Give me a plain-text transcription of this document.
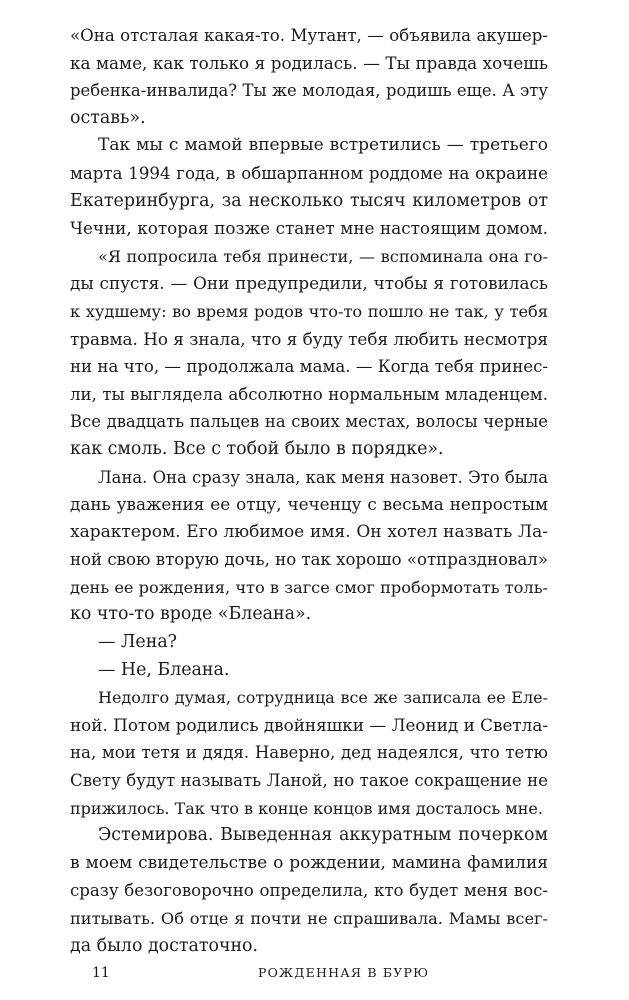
«Она отсталая какая-то. Мутант, — объявила акушер-
ка маме, как только я родилась. — Ты правда хочешь
ребенка-инвалида? Ты же молодая, родишь еще. А эту
оставь».
Так мы с мамой впервые встретились — третьего
марта 1994 года, в обшарпанном роддоме на окраине
Екатеринбурга, за несколько тысяч километров от
Чечни, которая позже станет мне настоящим домом.
«Я попросила тебя принести, — вспоминала она го-
ды спустя. — Они предупредили, чтобы я готовилась
к худшему: во время родов что-то пошло не так, у тебя
травма. Но я знала, что я буду тебя любить несмотря
ни на что, — продолжала мама. — Когда тебя принес-
ли, ты выглядела абсолютно нормальным младенцем.
Все двадцать пальцев на своих местах, волосы черные
как смоль. Все с тобой было в порядке».
Лана. Она сразу знала, как меня назовет. Это была
дань уважения ее отцу, чеченцу с весьма непростым
характером. Его любимое имя. Он хотел назвать Ла-
ной свою вторую дочь, но так хорошо «отпраздновал»
день ее рождения, что в загсе смог пробормотать толь-
ко что-то вроде «Блеана».
— Лена?
— Не, Блеана.
Недолго думая, сотрудница все же записала ее Еле-
ной. Потом родились двойняшки — Леонид и Светла-
на, мои тетя и дядя. Наверно, дед надеялся, что тетю
Свету будут называть Ланой, но такое сокращение не
прижилось. Так что в конце концов имя досталось мне.
Эстемирова. Выведенная аккуратным почерком
в моем свидетельстве о рождении, мамина фамилия
сразу безоговорочно определила, кто будет меня вос-
питывать. Об отце я почти не спрашивала. Мамы всег-
да было достаточно.
11	РОЖДЕННАЯ В БУРЮ
